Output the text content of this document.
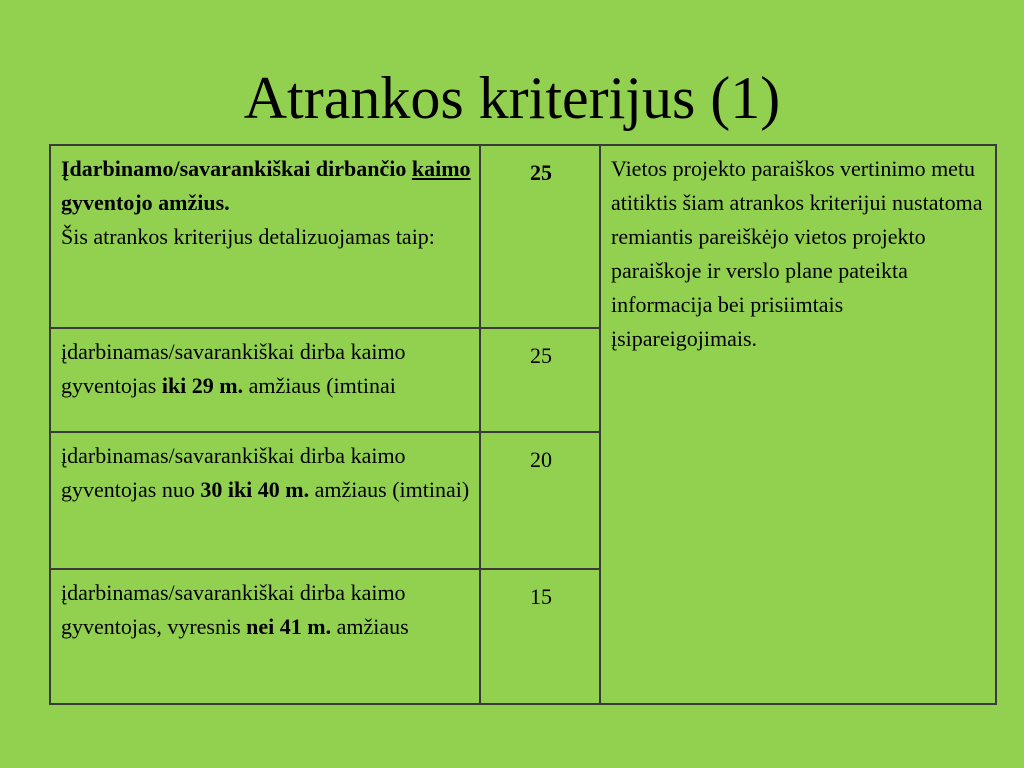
Atrankos kriterijus (1)
Įdarbinamo/savarankiškai dirbančio kaimo gyventojo amžius.
Šis atrankos kriterijus detalizuojamas taip:	25	Vietos projekto paraiškos vertinimo metu atitiktis šiam atrankos kriterijui nustatoma remiantis pareiškėjo vietos projekto paraiškoje ir verslo plane pateikta informacija bei prisiimtais įsipareigojimais.
įdarbinamas/savarankiškai dirba kaimo gyventojas iki 29 m. amžiaus (imtinai	25	
įdarbinamas/savarankiškai dirba kaimo gyventojas nuo 30 iki 40 m. amžiaus (imtinai)	20	
įdarbinamas/savarankiškai dirba kaimo gyventojas, vyresnis nei 41 m. amžiaus	15	
